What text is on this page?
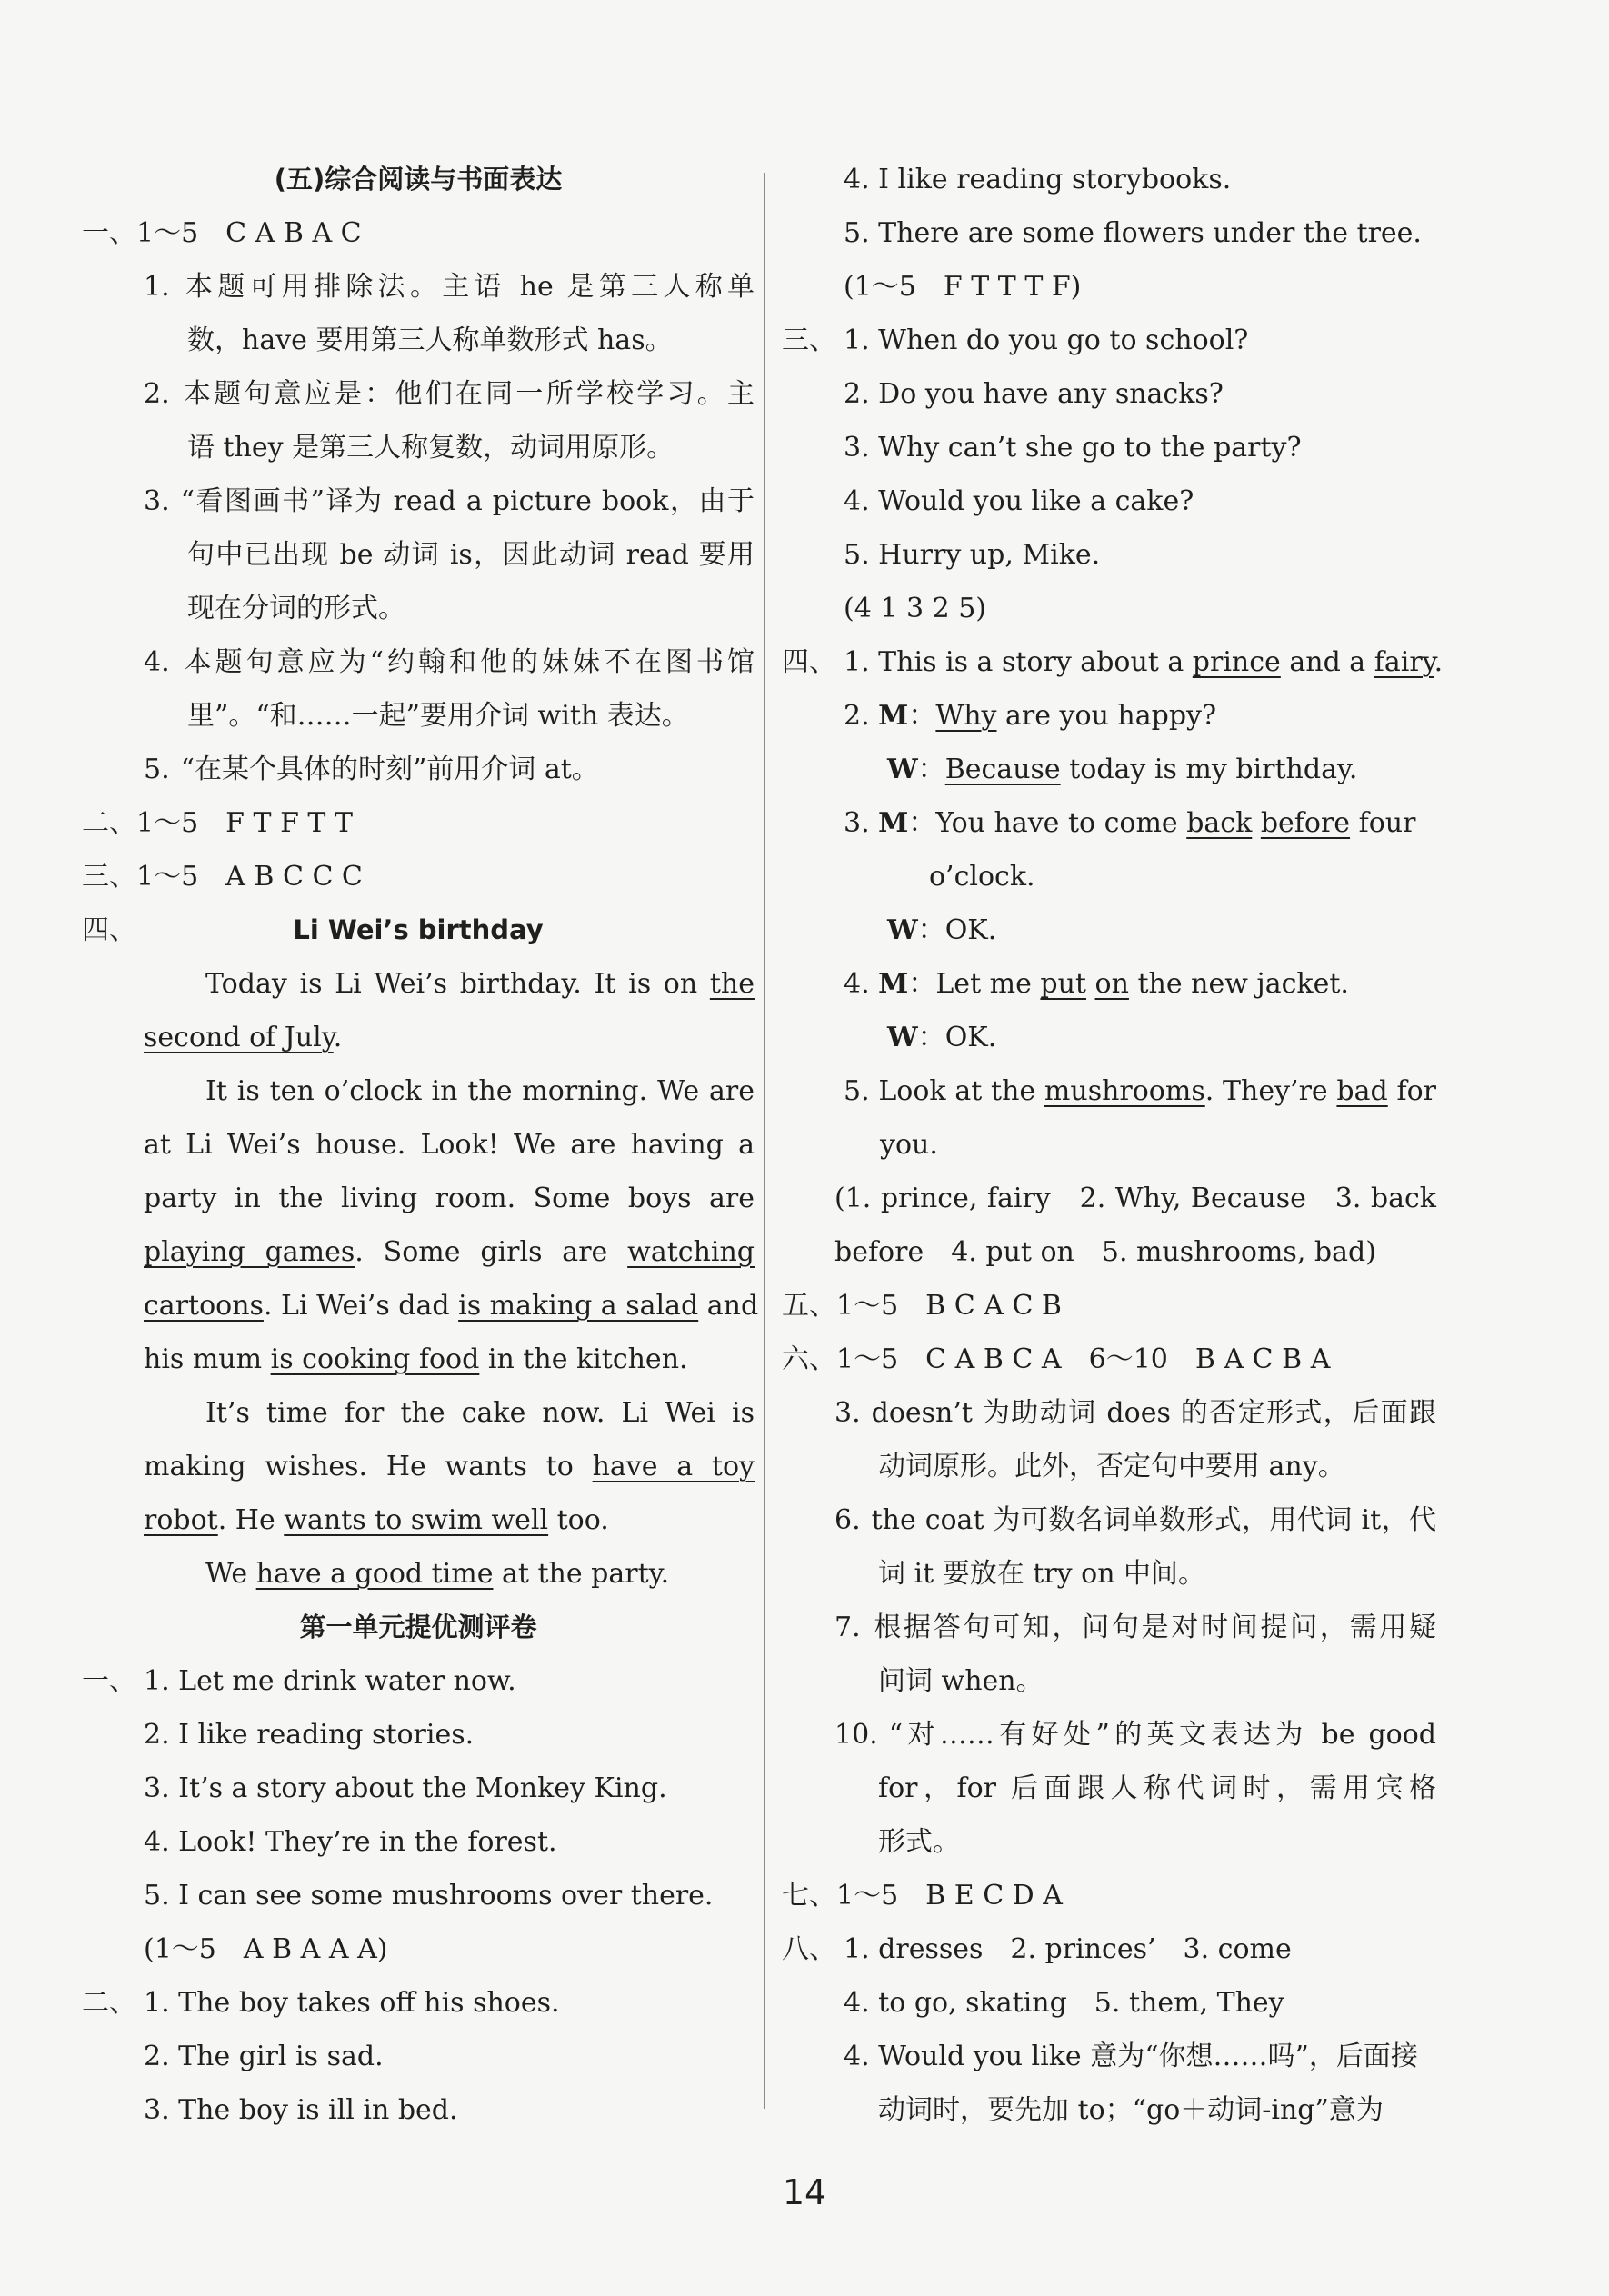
(五)综合阅读与书面表达
一、1～5　C A B A C
1. 本题可用排除法。主语 he 是第三人称单
数，have 要用第三人称单数形式 has。
2. 本题句意应是：他们在同一所学校学习。主
语 they 是第三人称复数，动词用原形。
3. “看图画书”译为 read a picture book，由于
句中已出现 be 动词 is，因此动词 read 要用
现在分词的形式。
4. 本题句意应为“约翰和他的妹妹不在图书馆
里”。“和……一起”要用介词 with 表达。
5. “在某个具体的时刻”前用介词 at。
二、1～5　F T F T T
三、1～5　A B C C C
四、	Li Wei’s birthday
Today is Li Wei’s birthday. It is on the
second of July.
It is ten o’clock in the morning. We are
at Li Wei’s house. Look! We are having a
party in the living room. Some boys are
playing games. Some girls are watching
cartoons. Li Wei’s dad is making a salad and
his mum is cooking food in the kitchen.
It’s time for the cake now. Li Wei is
making wishes. He wants to have a toy
robot. He wants to swim well too.
We have a good time at the party.
第一单元提优测评卷
一、 1. Let me drink water now.
2. I like reading stories.
3. It’s a story about the Monkey King.
4. Look! They’re in the forest.
5. I can see some mushrooms over there.
(1～5　A B A A A)
二、 1. The boy takes off his shoes.
2. The girl is sad.
3. The boy is ill in bed.
4. I like reading storybooks.
5. There are some flowers under the tree.
(1～5　F T T T F)
三、 1. When do you go to school?
2. Do you have any snacks?
3. Why can’t she go to the party?
4. Would you like a cake?
5. Hurry up, Mike.
(4 1 3 2 5)
四、 1. This is a story about a prince and a fairy.
2. M：Why are you happy?
W：Because today is my birthday.
3. M：You have to come back before four
o’clock.
W：OK.
4. M：Let me put on the new jacket.
W：OK.
5. Look at the mushrooms. They’re bad for
you.
(1. prince, fairy　2. Why, Because　3. back
before　4. put on　5. mushrooms, bad)
五、1～5　B C A C B
六、1～5　C A B C A　6～10　B A C B A
3. doesn’t 为助动词 does 的否定形式，后面跟
动词原形。此外，否定句中要用 any。
6. the coat 为可数名词单数形式，用代词 it，代
词 it 要放在 try on 中间。
7. 根据答句可知，问句是对时间提问，需用疑
问词 when。
10. “对……有好处”的英文表达为 be good
for，for 后面跟人称代词时，需用宾格
形式。
七、1～5　B E C D A
八、 1. dresses　2. princes’　3. come
4. to go, skating　5. them, They
4. Would you like 意为“你想……吗”，后面接
动词时，要先加 to；“go＋动词-ing”意为
14
